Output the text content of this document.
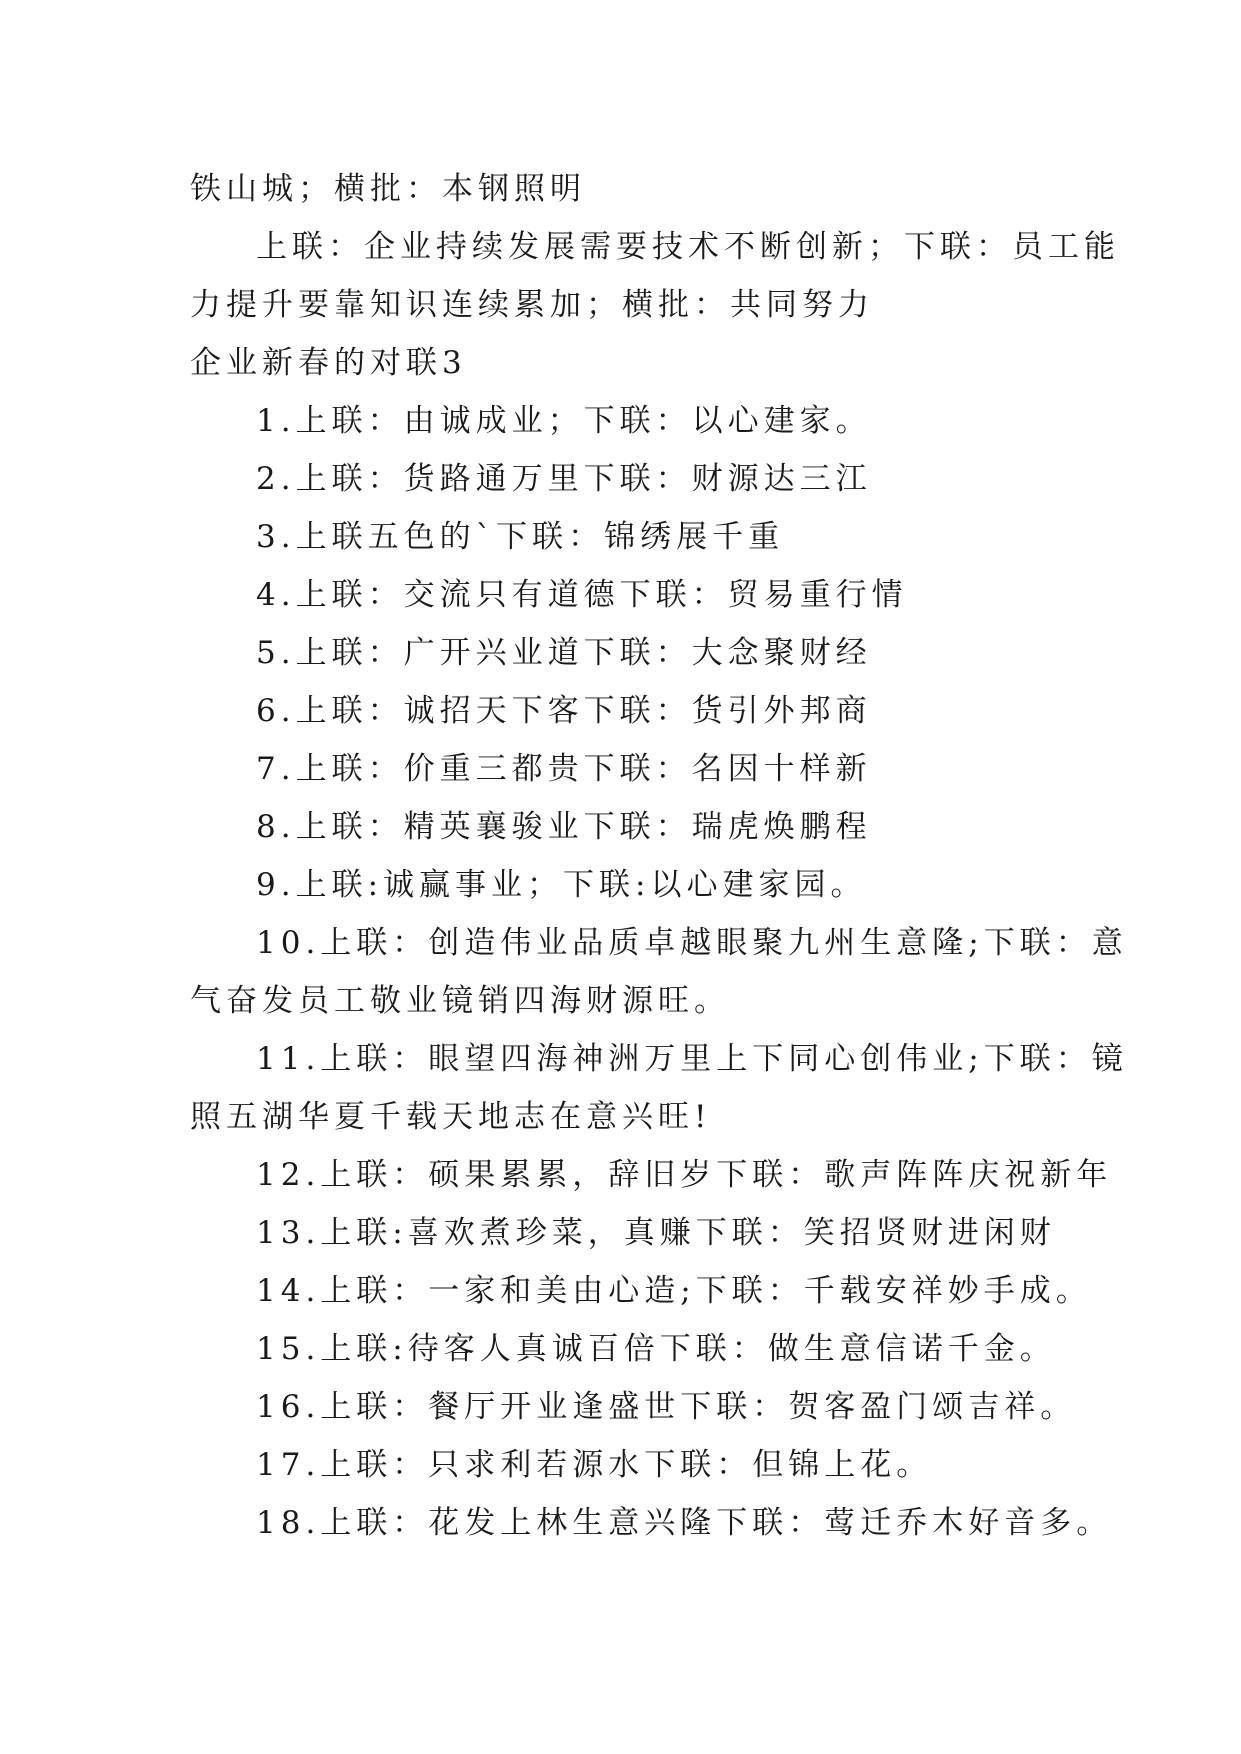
铁山城；横批：本钢照明
上联：企业持续发展需要技术不断创新；下联：员工能
力提升要靠知识连续累加；横批：共同努力
企业新春的对联3
1.上联：由诚成业；下联：以心建家。
2.上联：货路通万里下联：财源达三江
3.上联五色的`下联：锦绣展千重
4.上联：交流只有道德下联：贸易重行情
5.上联：广开兴业道下联：大念聚财经
6.上联：诚招天下客下联：货引外邦商
7.上联：价重三都贵下联：名因十样新
8.上联：精英襄骏业下联：瑞虎焕鹏程
9.上联:诚赢事业；下联:以心建家园。
10.上联：创造伟业品质卓越眼聚九州生意隆;下联：意
气奋发员工敬业镜销四海财源旺。
11.上联：眼望四海神洲万里上下同心创伟业;下联：镜
照五湖华夏千载天地志在意兴旺!
12.上联：硕果累累，辞旧岁下联：歌声阵阵庆祝新年
13.上联:喜欢煮珍菜，真赚下联：笑招贤财进闲财
14.上联：一家和美由心造;下联：千载安祥妙手成。
15.上联:待客人真诚百倍下联：做生意信诺千金。
16.上联：餐厅开业逢盛世下联：贺客盈门颂吉祥。
17.上联：只求利若源水下联：但锦上花。
18.上联：花发上林生意兴隆下联：莺迁乔木好音多。
